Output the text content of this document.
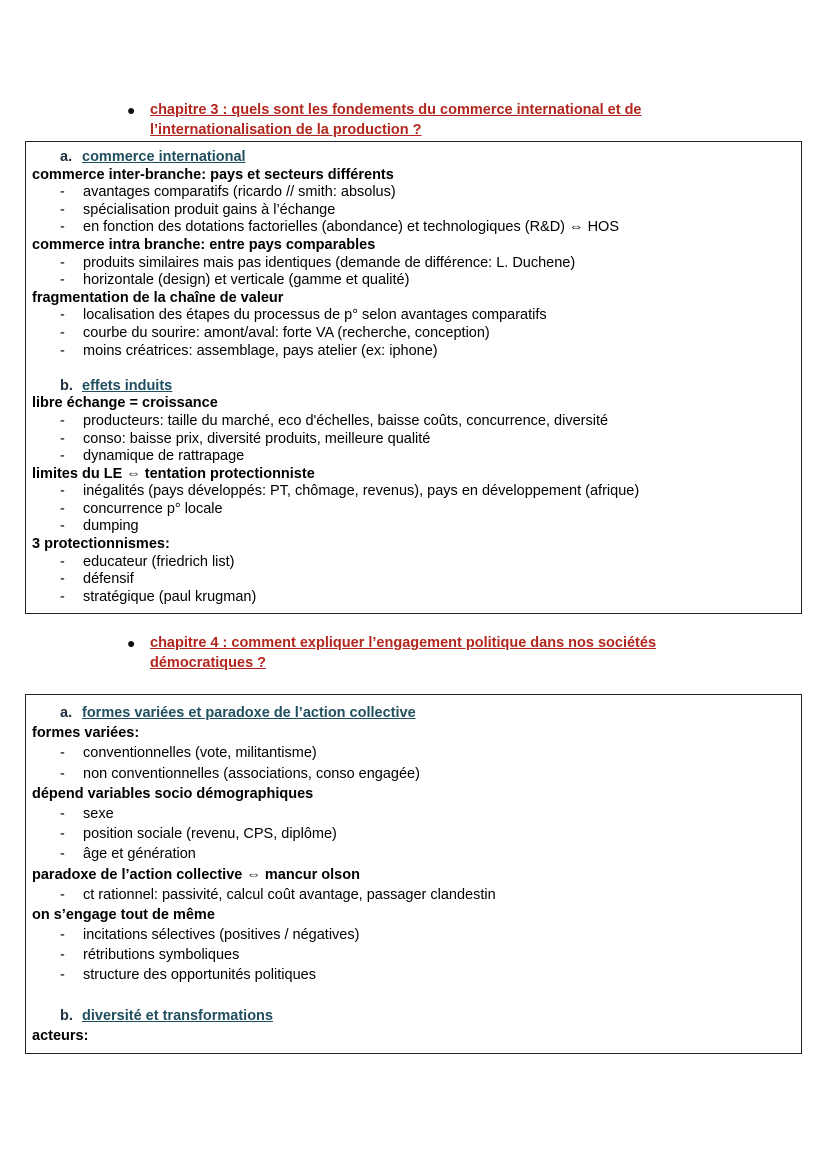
● chapitre 3 : quels sont les fondements du commerce international et de
l’internationalisation de la production ?
a. commerce international
commerce inter-branche: pays et secteurs différents
- avantages comparatifs (ricardo // smith: absolus)
- spécialisation produit gains à l’échange
- en fonction des dotations factorielles (abondance) et technologiques (R&D) ⇔ HOS
commerce intra branche: entre pays comparables
- produits similaires mais pas identiques (demande de différence: L. Duchene)
- horizontale (design) et verticale (gamme et qualité)
fragmentation de la chaîne de valeur
- localisation des étapes du processus de p° selon avantages comparatifs
- courbe du sourire: amont/aval: forte VA (recherche, conception)
- moins créatrices: assemblage, pays atelier (ex: iphone)
b. effets induits
libre échange = croissance
- producteurs: taille du marché, eco d'échelles, baisse coûts, concurrence, diversité
- conso: baisse prix, diversité produits, meilleure qualité
- dynamique de rattrapage
limites du LE ⇔ tentation protectionniste
- inégalités (pays développés: PT, chômage, revenus), pays en développement (afrique)
- concurrence p° locale
- dumping
3 protectionnismes:
- educateur (friedrich list)
- défensif
- stratégique (paul krugman)
● chapitre 4 : comment expliquer l’engagement politique dans nos sociétés
démocratiques ?
a. formes variées et paradoxe de l’action collective
formes variées:
- conventionnelles (vote, militantisme)
- non conventionnelles (associations, conso engagée)
dépend variables socio démographiques
- sexe
- position sociale (revenu, CPS, diplôme)
- âge et génération
paradoxe de l’action collective ⇔ mancur olson
- ct rationnel: passivité, calcul coût avantage, passager clandestin
on s’engage tout de même
- incitations sélectives (positives / négatives)
- rétributions symboliques
- structure des opportunités politiques
b. diversité et transformations
acteurs:
